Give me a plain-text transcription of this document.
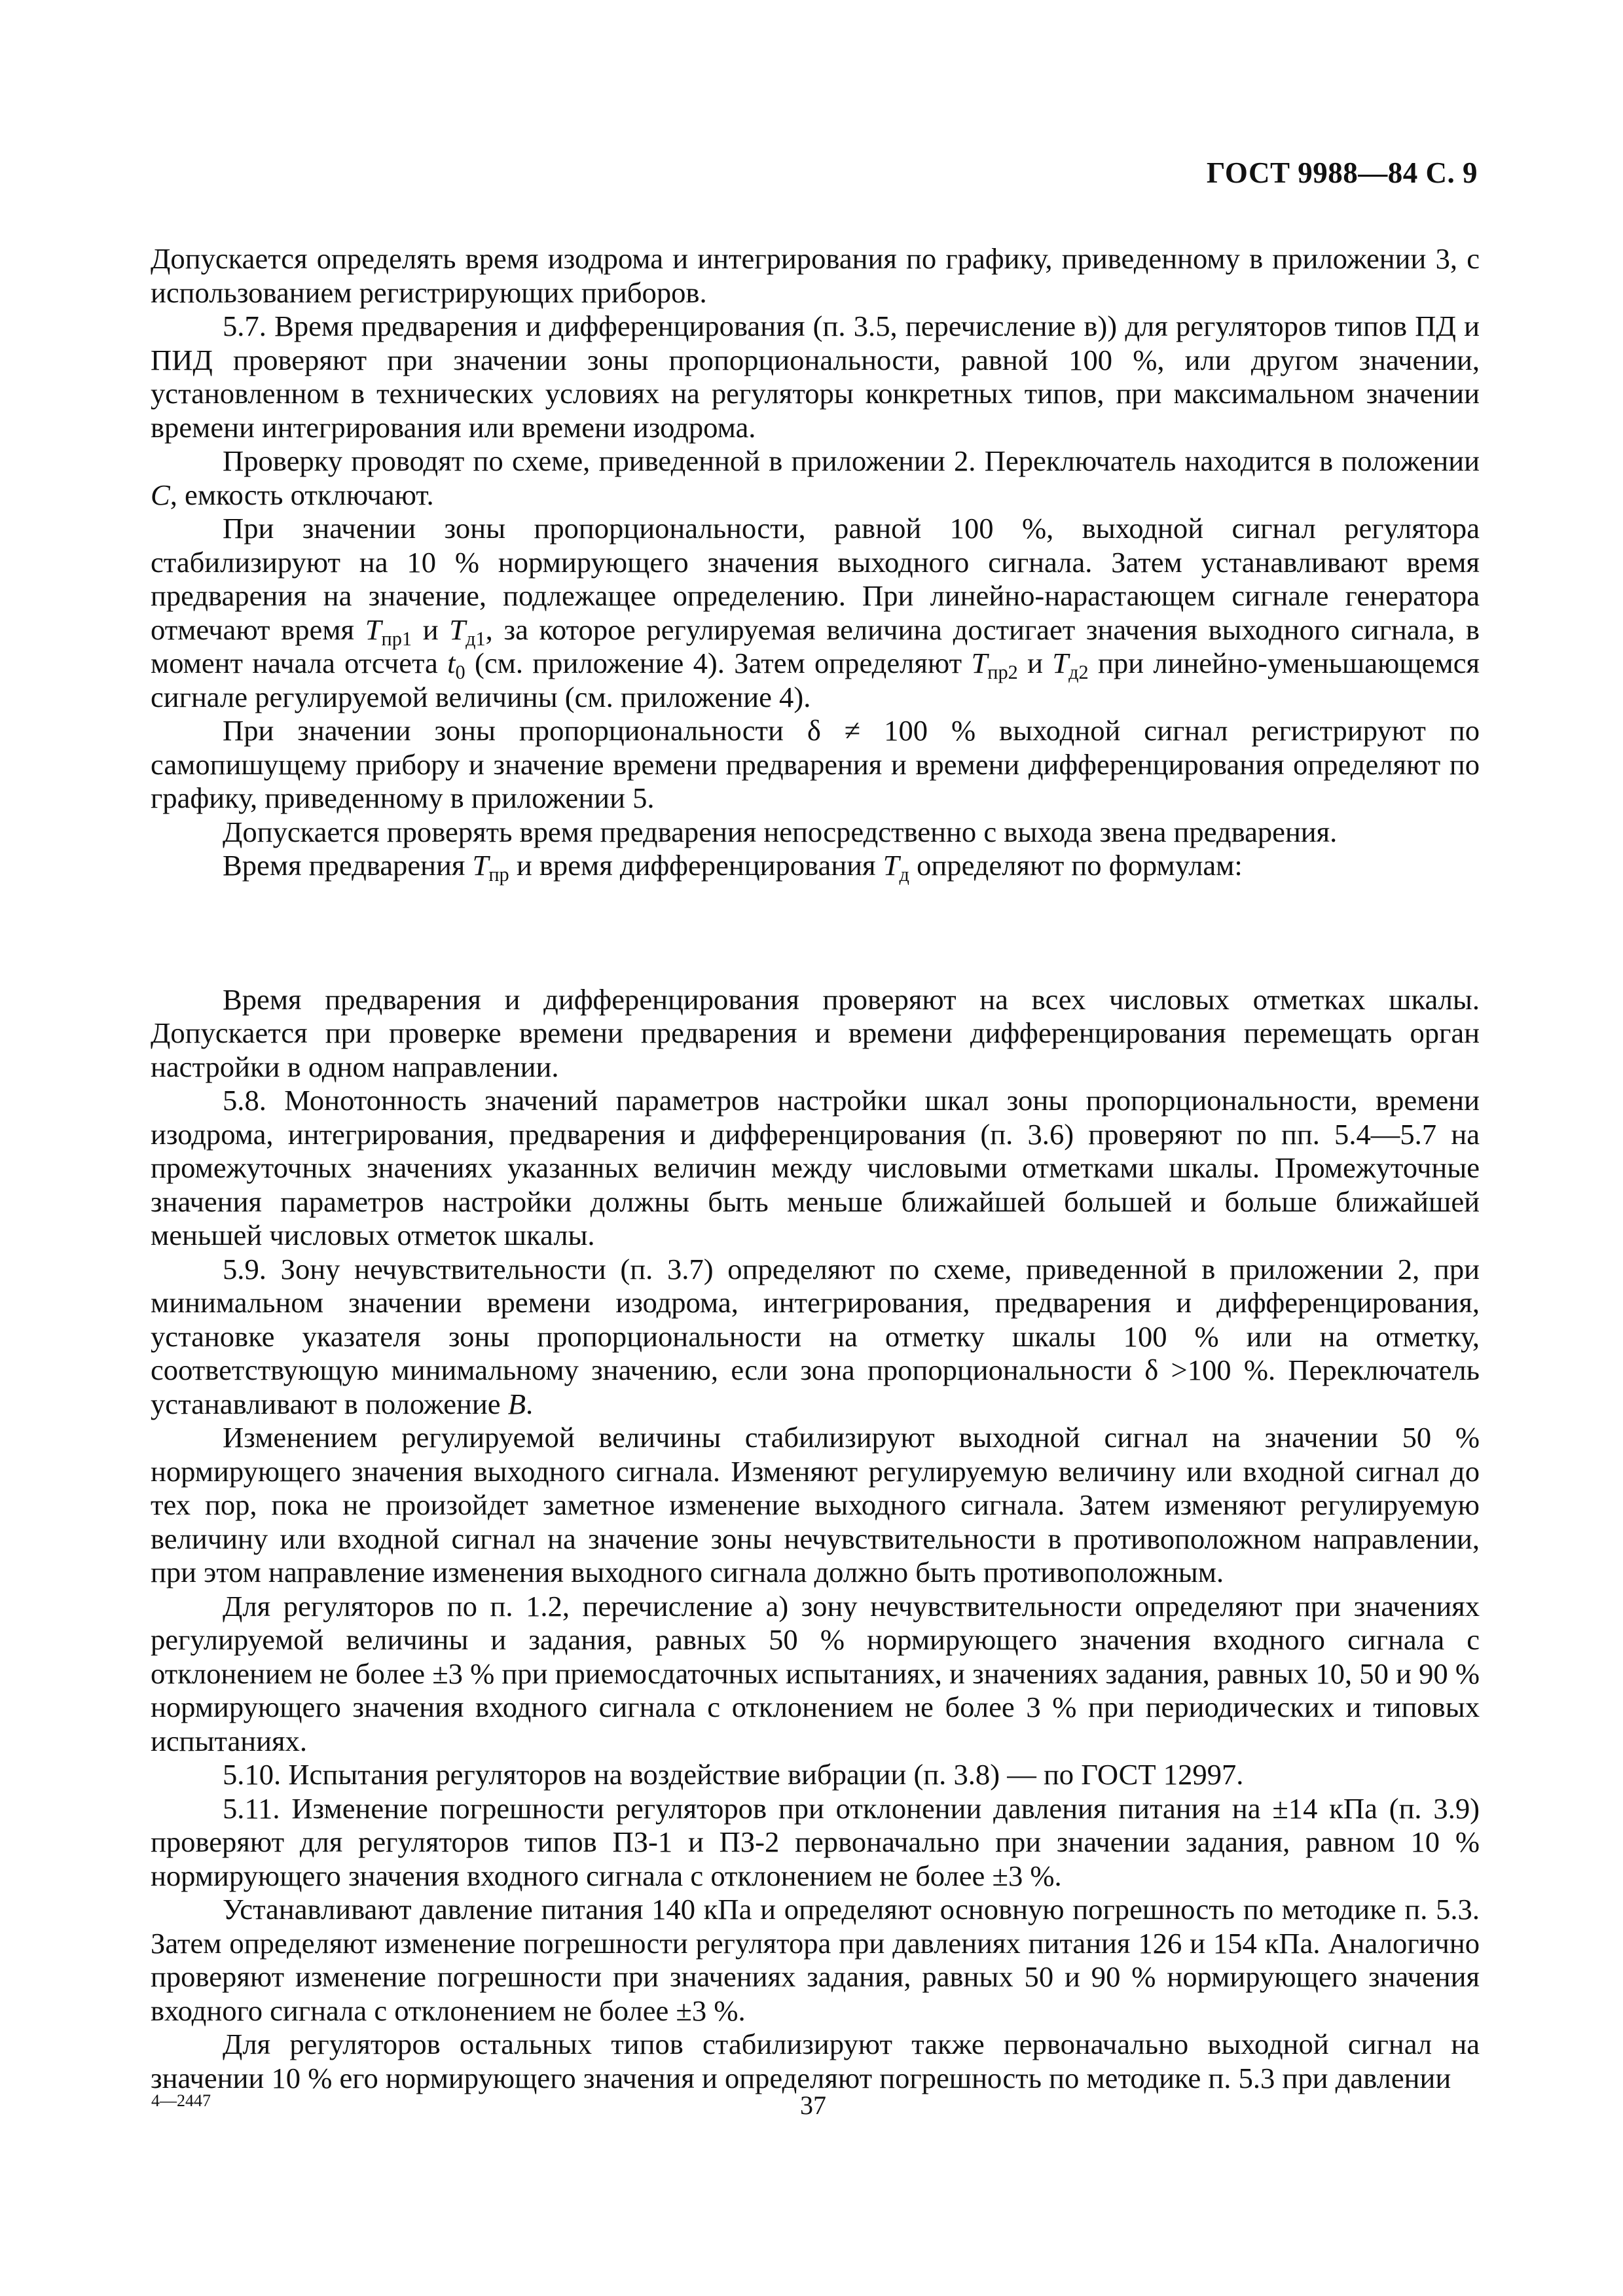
ГОСТ 9988—84 С. 9

Допускается определять время изодрома и интегрирования по графику, приведенному в приложении 3, с использованием регистрирующих приборов.

5.7. Время предварения и дифференцирования (п. 3.5, перечисление в)) для регуляторов типов ПД и ПИД проверяют при значении зоны пропорциональности, равной 100 %, или другом значении, установленном в технических условиях на регуляторы конкретных типов, при максимальном значении времени интегрирования или времени изодрома.

Проверку проводят по схеме, приведенной в приложении 2. Переключатель находится в положении C, емкость отключают.

При значении зоны пропорциональности, равной 100 %, выходной сигнал регулятора стабилизируют на 10 % нормирующего значения выходного сигнала. Затем устанавливают время предварения на значение, подлежащее определению. При линейно-нарастающем сигнале генератора отмечают время $T_{пр1}$ и $T_{д1}$, за которое регулируемая величина достигает значения выходного сигнала, в момент начала отсчета $t_0$ (см. приложение 4). Затем определяют $T_{пр2}$ и $T_{д2}$ при линейно-уменьшающемся сигнале регулируемой величины (см. приложение 4).

При значении зоны пропорциональности δ ≠ 100 % выходной сигнал регистрируют по самопишущему прибору и значение времени предварения и времени дифференцирования определяют по графику, приведенному в приложении 5.

Допускается проверять время предварения непосредственно с выхода звена предварения.

Время предварения $T_{пр}$ и время дифференцирования $T_д$ определяют по формулам:

Время предварения и дифференцирования проверяют на всех числовых отметках шкалы. Допускается при проверке времени предварения и времени дифференцирования перемещать орган настройки в одном направлении.

5.8. Монотонность значений параметров настройки шкал зоны пропорциональности, времени изодрома, интегрирования, предварения и дифференцирования (п. 3.6) проверяют по пп. 5.4—5.7 на промежуточных значениях указанных величин между числовыми отметками шкалы. Промежуточные значения параметров настройки должны быть меньше ближайшей большей и больше ближайшей меньшей числовых отметок шкалы.

5.9. Зону нечувствительности (п. 3.7) определяют по схеме, приведенной в приложении 2, при минимальном значении времени изодрома, интегрирования, предварения и дифференцирования, установке указателя зоны пропорциональности на отметку шкалы 100 % или на отметку, соответствующую минимальному значению, если зона пропорциональности δ >100 %. Переключатель устанавливают в положение B.

Изменением регулируемой величины стабилизируют выходной сигнал на значении 50 % нормирующего значения выходного сигнала. Изменяют регулируемую величину или входной сигнал до тех пор, пока не произойдет заметное изменение выходного сигнала. Затем изменяют регулируемую величину или входной сигнал на значение зоны нечувствительности в противоположном направлении, при этом направление изменения выходного сигнала должно быть противоположным.

Для регуляторов по п. 1.2, перечисление а) зону нечувствительности определяют при значениях регулируемой величины и задания, равных 50 % нормирующего значения входного сигнала с отклонением не более ±3 % при приемосдаточных испытаниях, и значениях задания, равных 10, 50 и 90 % нормирующего значения входного сигнала с отклонением не более 3 % при периодических и типовых испытаниях.

5.10. Испытания регуляторов на воздействие вибрации (п. 3.8) — по ГОСТ 12997.

5.11. Изменение погрешности регуляторов при отклонении давления питания на ±14 кПа (п. 3.9) проверяют для регуляторов типов ПЗ-1 и ПЗ-2 первоначально при значении задания, равном 10 % нормирующего значения входного сигнала с отклонением не более ±3 %.

Устанавливают давление питания 140 кПа и определяют основную погрешность по методике п. 5.3. Затем определяют изменение погрешности регулятора при давлениях питания 126 и 154 кПа. Аналогично проверяют изменение погрешности при значениях задания, равных 50 и 90 % нормирующего значения входного сигнала с отклонением не более ±3 %.

Для регуляторов остальных типов стабилизируют также первоначально выходной сигнал на значении 10 % его нормирующего значения и определяют погрешность по методике п. 5.3 при давлении

4—2447	37
